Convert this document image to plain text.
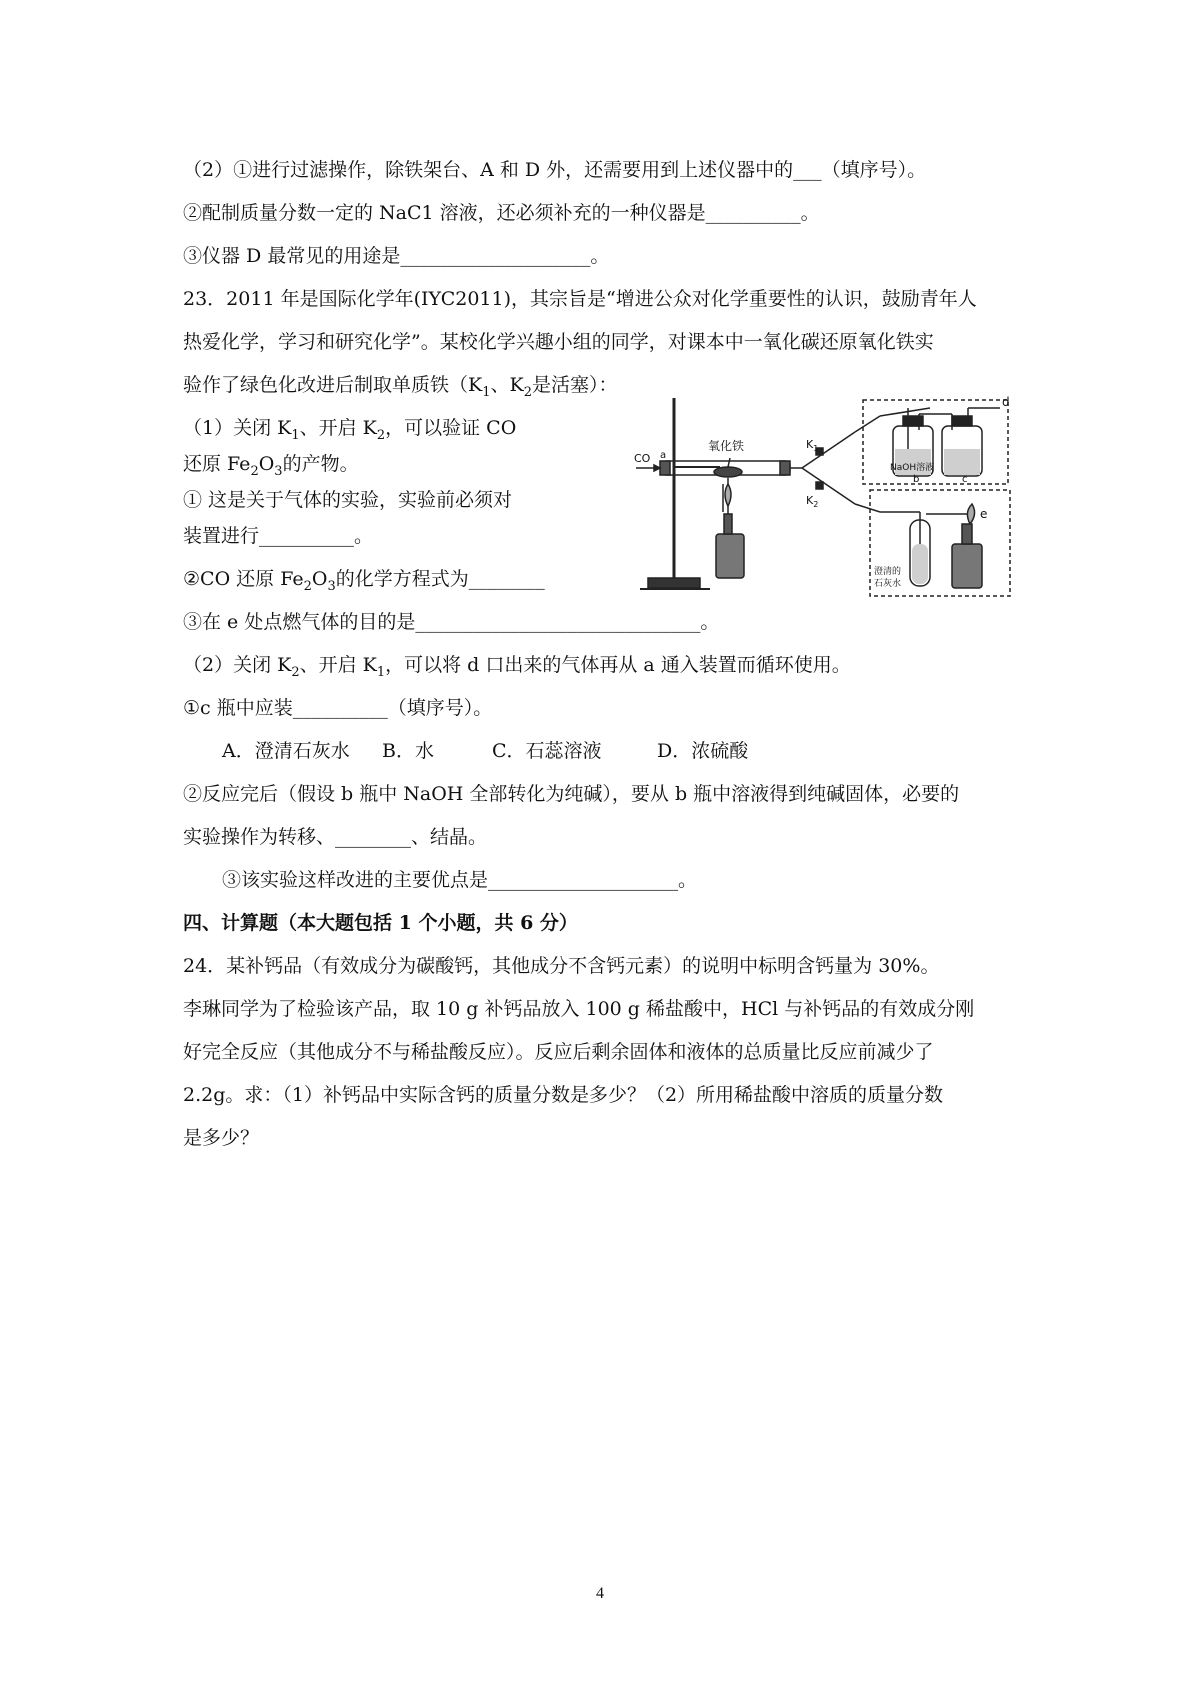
（2）①进行过滤操作，除铁架台、A 和 D 外，还需要用到上述仪器中的___（填序号）。
②配制质量分数一定的 NaC1 溶液，还必须补充的一种仪器是__________。
③仪器 D 最常见的用途是____________________。
23．2011 年是国际化学年(IYC2011)，其宗旨是“增进公众对化学重要性的认识，鼓励青年人
热爱化学，学习和研究化学”。某校化学兴趣小组的同学，对课本中一氧化碳还原氧化铁实
验作了绿色化改进后制取单质铁（$K_1$、$K_2$是活塞）：
（1）关闭 $K_1$、开启 $K_2$，可以验证 CO
还原 $Fe_2O_3$的产物。
① 这是关于气体的实验，实验前必须对
装置进行__________。
②CO 还原 $Fe_2O_3$的化学方程式为________
③在 e 处点燃气体的目的是______________________________。
（2）关闭 $K_2$、开启 $K_1$，可以将 d 口出来的气体再从 a 通入装置而循环使用。
①c 瓶中应装__________（填序号）。
A．澄清石灰水 B．水	C．石蕊溶液	D．浓硫酸
②反应完后（假设 b 瓶中 NaOH 全部转化为纯碱），要从 b 瓶中溶液得到纯碱固体，必要的
实验操作为转移、________、结晶。
③该实验这样改进的主要优点是____________________。
四、计算题（本大题包括 1 个小题，共 6 分）
24．某补钙品（有效成分为碳酸钙，其他成分不含钙元素）的说明中标明含钙量为 30%。
李琳同学为了检验该产品，取 10 g 补钙品放入 100 g 稀盐酸中，HCl 与补钙品的有效成分刚
好完全反应（其他成分不与稀盐酸反应）。反应后剩余固体和液体的总质量比反应前减少了
2.2g。求：（1）补钙品中实际含钙的质量分数是多少？（2）所用稀盐酸中溶质的质量分数
是多少？
CO a
氧化铁	$K_1$
$K_2$
NaOH溶液
b	c
d
e
澄清的
石灰水
4
